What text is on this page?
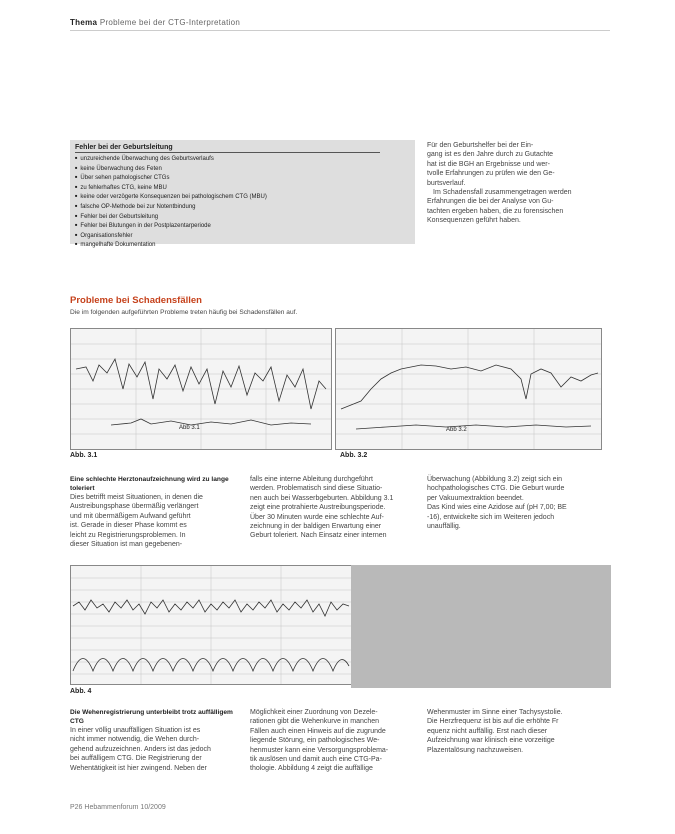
Thema Probleme bei der CTG-Interpretation
Fehler bei der Geburtsleitung
■ unzureichende Überwachung des Geburtsverlaufs
■ keine Überwachung des Feten
■ Über sehen pathologischer CTGs
■ zu fehlerhaftes CTG, keine MBU
■ keine oder verzögerte Konsequenzen bei pathologischem CTG (MBU)
■ falsche OP-Methode bei zur Notentbindung
■ Fehler bei der Geburtsleitung
■ Fehler bei Blutungen in der Postplazentarperiode
■ Organisationsfehler
■ mangelhafte Dokumentation
Für den Geburtshelfer bei der Ein-
gang ist es den Jahre durch zu Gutachte
hat ist die BGH an Ergebnisse und wer-
tvolle Erfahrungen zu prüfen wie den Ge-
burtsverlauf.
Im Schadensfall zusammengetragen werden
Erfahrungen die bei der Analyse von Gu-
tachten ergeben haben, die zu forensischen
Konsequenzen geführt haben.
Probleme bei Schadensfällen
Die im folgenden aufgeführten Probleme treten häufig bei Schadensfällen auf.
Abb 3.1
Abb. 3.1
Abb 3.2
Abb. 3.2
Eine schlechte Herztonaufzeichnung wird zu lange toleriert
Dies betrifft meist Situationen, in denen die
Austreibungsphase übermäßig verlängert
und mit übermäßigem Aufwand geführt
ist. Gerade in dieser Phase kommt es
leicht zu Registrierungsproblemen. In
dieser Situation ist man gegebenen-
falls eine interne Ableitung durchgeführt
werden. Problematisch sind diese Situatio-
nen auch bei Wasserbgeburten. Abbildung 3.1
zeigt eine protrahierte Austreibungsperiode.
Über 30 Minuten wurde eine schlechte Auf-
zeichnung in der baldigen Erwartung einer
Geburt toleriert. Nach Einsatz einer internen
Überwachung (Abbildung 3.2) zeigt sich ein
hochpathologisches CTG. Die Geburt wurde
per Vakuumextraktion beendet.
Das Kind wies eine Azidose auf (pH 7,00; BE
-16), entwickelte sich im Weiteren jedoch
unauffällig.
Abb. 4
Die Wehenregistrierung unterbleibt trotz auffälligem CTG
In einer völlig unauffälligen Situation ist es
nicht immer notwendig, die Wehen durch-
gehend aufzuzeichnen. Anders ist das jedoch
bei auffälligem CTG. Die Registrierung der
Wehentätigkeit ist hier zwingend. Neben der
Möglichkeit einer Zuordnung von Dezele-
rationen gibt die Wehenkurve in manchen
Fällen auch einen Hinweis auf die zugrunde
liegende Störung, ein pathologisches We-
henmuster kann eine Versorgungsproblema-
tik auslösen und damit auch eine CTG-Pa-
thologie. Abbildung 4 zeigt die auffällige
Wehenmuster im Sinne einer Tachysystolie.
Die Herzfrequenz ist bis auf die erhöhte Fr
equenz nicht auffällig. Erst nach dieser
Aufzeichnung war klinisch eine vorzeitige
Plazentalösung nachzuweisen.
P26 Hebammenforum 10/2009
